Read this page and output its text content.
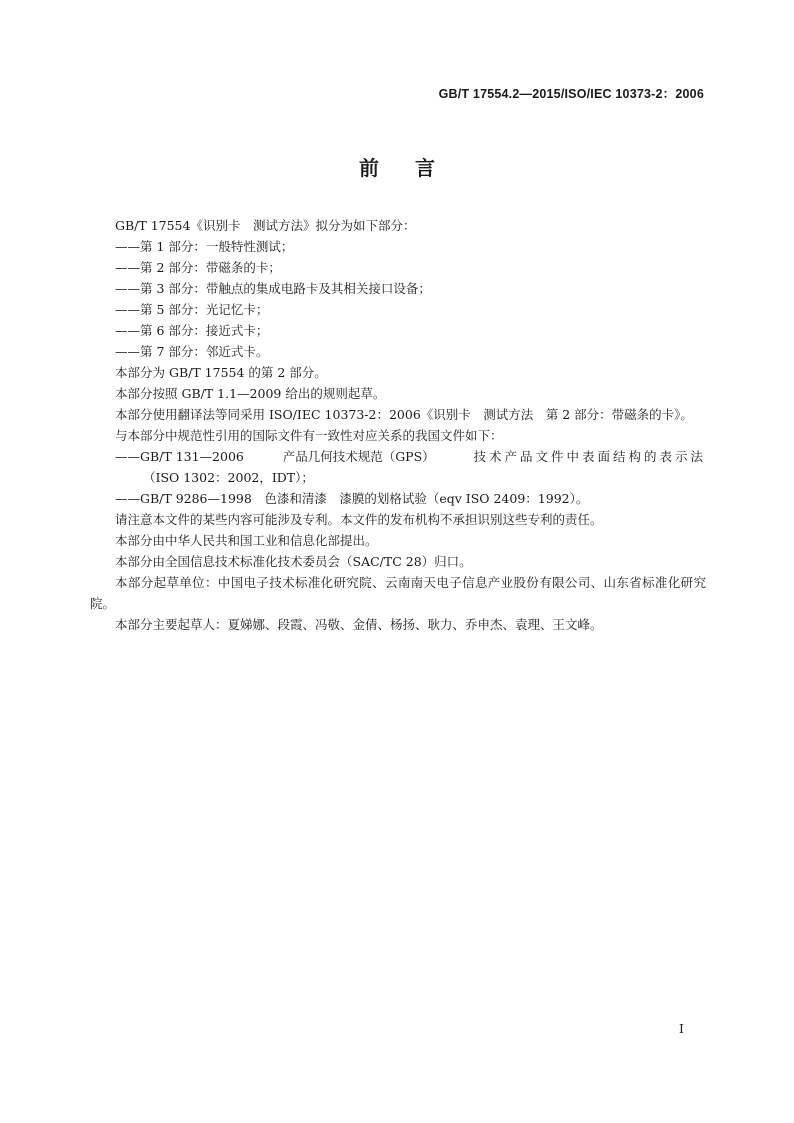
GB/T 17554.2—2015/ISO/IEC 10373-2：2006
前言

GB/T 17554《识别卡　测试方法》拟分为如下部分：

——第 1 部分：一般特性测试；

——第 2 部分：带磁条的卡；

——第 3 部分：带触点的集成电路卡及其相关接口设备；

——第 5 部分：光记忆卡；

——第 6 部分：接近式卡；

——第 7 部分：邻近式卡。

本部分为 GB/T 17554 的第 2 部分。

本部分按照 GB/T 1.1—2009 给出的规则起草。

本部分使用翻译法等同采用 ISO/IEC 10373-2：2006《识别卡　测试方法　第 2 部分：带磁条的卡》。

与本部分中规范性引用的国际文件有一致性对应关系的我国文件如下：

——GB/T 131—2006	产品几何技术规范（GPS）	技术产品文件中表面结构的表示法
（ISO 1302：2002，IDT）；

——GB/T 9286—1998　色漆和清漆　漆膜的划格试验（eqv ISO 2409：1992）。

请注意本文件的某些内容可能涉及专利。本文件的发布机构不承担识别这些专利的责任。

本部分由中华人民共和国工业和信息化部提出。

本部分由全国信息技术标准化技术委员会（SAC/TC 28）归口。

本部分起草单位：中国电子技术标准化研究院、云南南天电子信息产业股份有限公司、山东省标准化研究院。

本部分主要起草人：夏娣娜、段霞、冯敬、金倩、杨扬、耿力、乔申杰、袁理、王文峰。

I
